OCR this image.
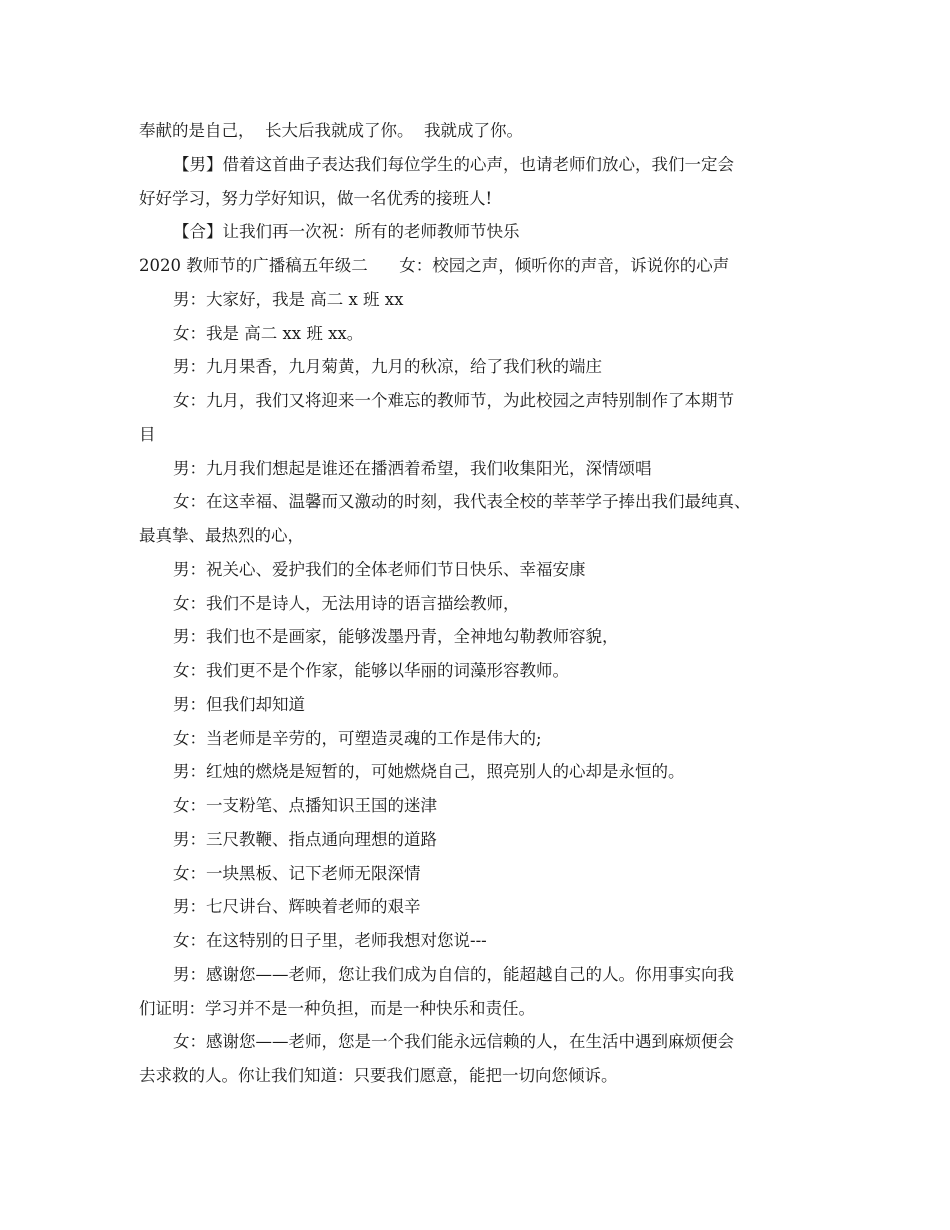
奉献的是自己，  长大后我就成了你。  我就成了你。
【男】借着这首曲子表达我们每位学生的心声，也请老师们放心，我们一定会
好好学习，努力学好知识，做一名优秀的接班人!
【合】让我们再一次祝：所有的老师教师节快乐
2020 教师节的广播稿五年级二      女：校园之声，倾听你的声音，诉说你的心声
男：大家好，我是 高二 x 班 xx
女：我是 高二 xx 班 xx。
男：九月果香，九月菊黄，九月的秋凉，给了我们秋的端庄
女：九月，我们又将迎来一个难忘的教师节，为此校园之声特别制作了本期节
目
男：九月我们想起是谁还在播洒着希望，我们收集阳光，深情颂唱
女：在这幸福、温馨而又激动的时刻，我代表全校的莘莘学子捧出我们最纯真、
最真挚、最热烈的心，
男：祝关心、爱护我们的全体老师们节日快乐、幸福安康
女：我们不是诗人，无法用诗的语言描绘教师，
男：我们也不是画家，能够泼墨丹青，全神地勾勒教师容貌，
女：我们更不是个作家，能够以华丽的词藻形容教师。
男：但我们却知道
女：当老师是辛劳的，可塑造灵魂的工作是伟大的;
男：红烛的燃烧是短暂的，可她燃烧自己，照亮别人的心却是永恒的。
女：一支粉笔、点播知识王国的迷津
男：三尺教鞭、指点通向理想的道路
女：一块黑板、记下老师无限深情
男：七尺讲台、辉映着老师的艰辛
女：在这特别的日子里，老师我想对您说---
男：感谢您——老师，您让我们成为自信的，能超越自己的人。你用事实向我
们证明：学习并不是一种负担，而是一种快乐和责任。
女：感谢您——老师，您是一个我们能永远信赖的人，在生活中遇到麻烦便会
去求救的人。你让我们知道：只要我们愿意，能把一切向您倾诉。
